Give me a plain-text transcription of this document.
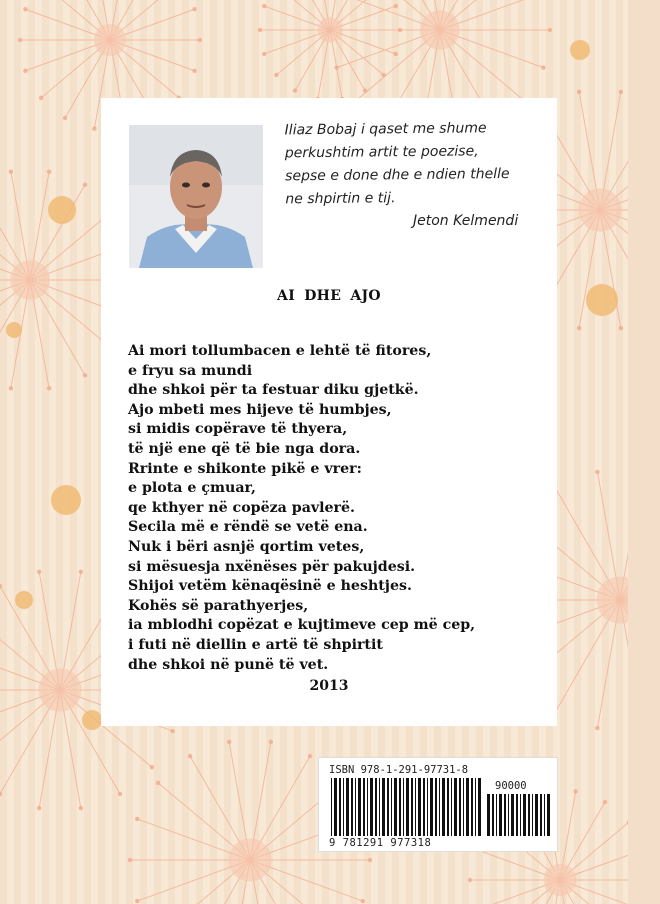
Iliaz Bobaj i qaset me shume
perkushtim artit te poezise,
sepse e done dhe e ndien thelle
ne shpirtin e tij.
Jeton Kelmendi
AI DHE AJO
Ai mori tollumbacen e lehtë të fitores,
e fryu sa mundi
dhe shkoi për ta festuar diku gjetkë.
Ajo mbeti mes hijeve të humbjes,
si midis copërave të thyera,
të një ene që të bie nga dora.
Rrinte e shikonte pikë e vrer:
e plota e çmuar,
qe kthyer në copëza pavlerë.
Secila më e rëndë se vetë ena.
Nuk i bëri asnjë qortim vetes,
si mësuesja nxënëses për pakujdesi.
Shijoi vetëm kënaqësinë e heshtjes.
Kohës së parathyerjes,
ia mblodhi copëzat e kujtimeve cep më cep,
i futi në diellin e artë të shpirtit
dhe shkoi në punë të vet.
2013
ISBN 978-1-291-97731-8
90000
9 781291 977318
